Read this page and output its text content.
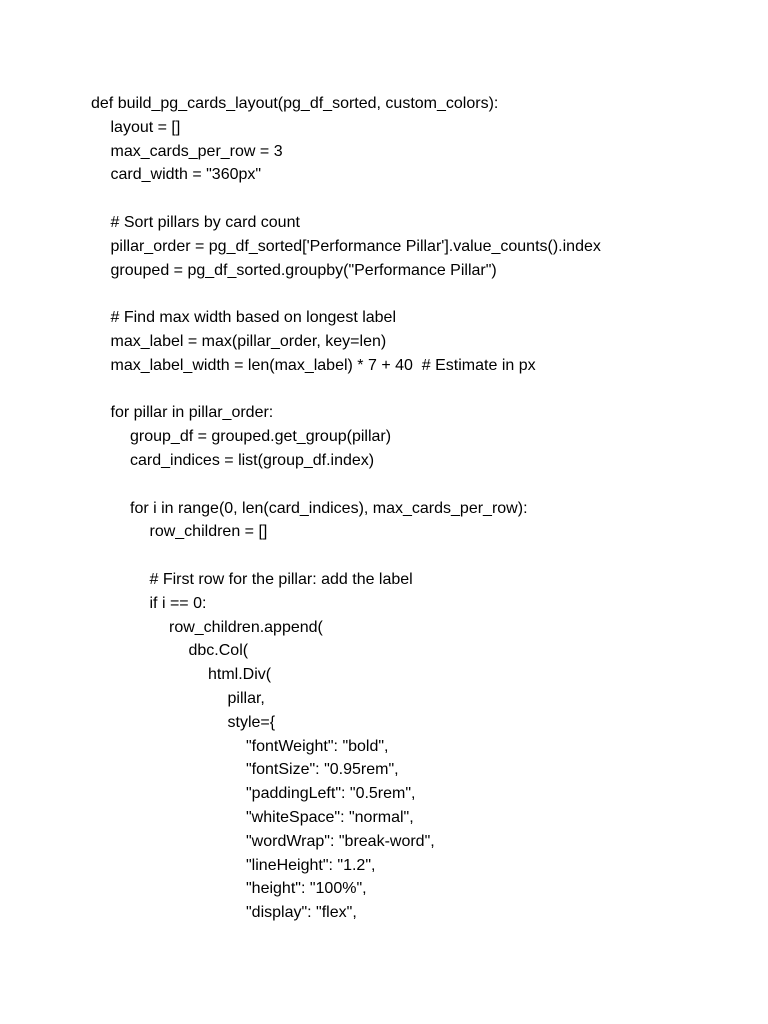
def build_pg_cards_layout(pg_df_sorted, custom_colors):
layout = []
max_cards_per_row = 3
card_width = "360px"
# Sort pillars by card count
pillar_order = pg_df_sorted['Performance Pillar'].value_counts().index
grouped = pg_df_sorted.groupby("Performance Pillar")
# Find max width based on longest label
max_label = max(pillar_order, key=len)
max_label_width = len(max_label) * 7 + 40  # Estimate in px
for pillar in pillar_order:
group_df = grouped.get_group(pillar)
card_indices = list(group_df.index)
for i in range(0, len(card_indices), max_cards_per_row):
row_children = []
# First row for the pillar: add the label
if i == 0:
row_children.append(
dbc.Col(
html.Div(
pillar,
style={
"fontWeight": "bold",
"fontSize": "0.95rem",
"paddingLeft": "0.5rem",
"whiteSpace": "normal",
"wordWrap": "break-word",
"lineHeight": "1.2",
"height": "100%",
"display": "flex",
